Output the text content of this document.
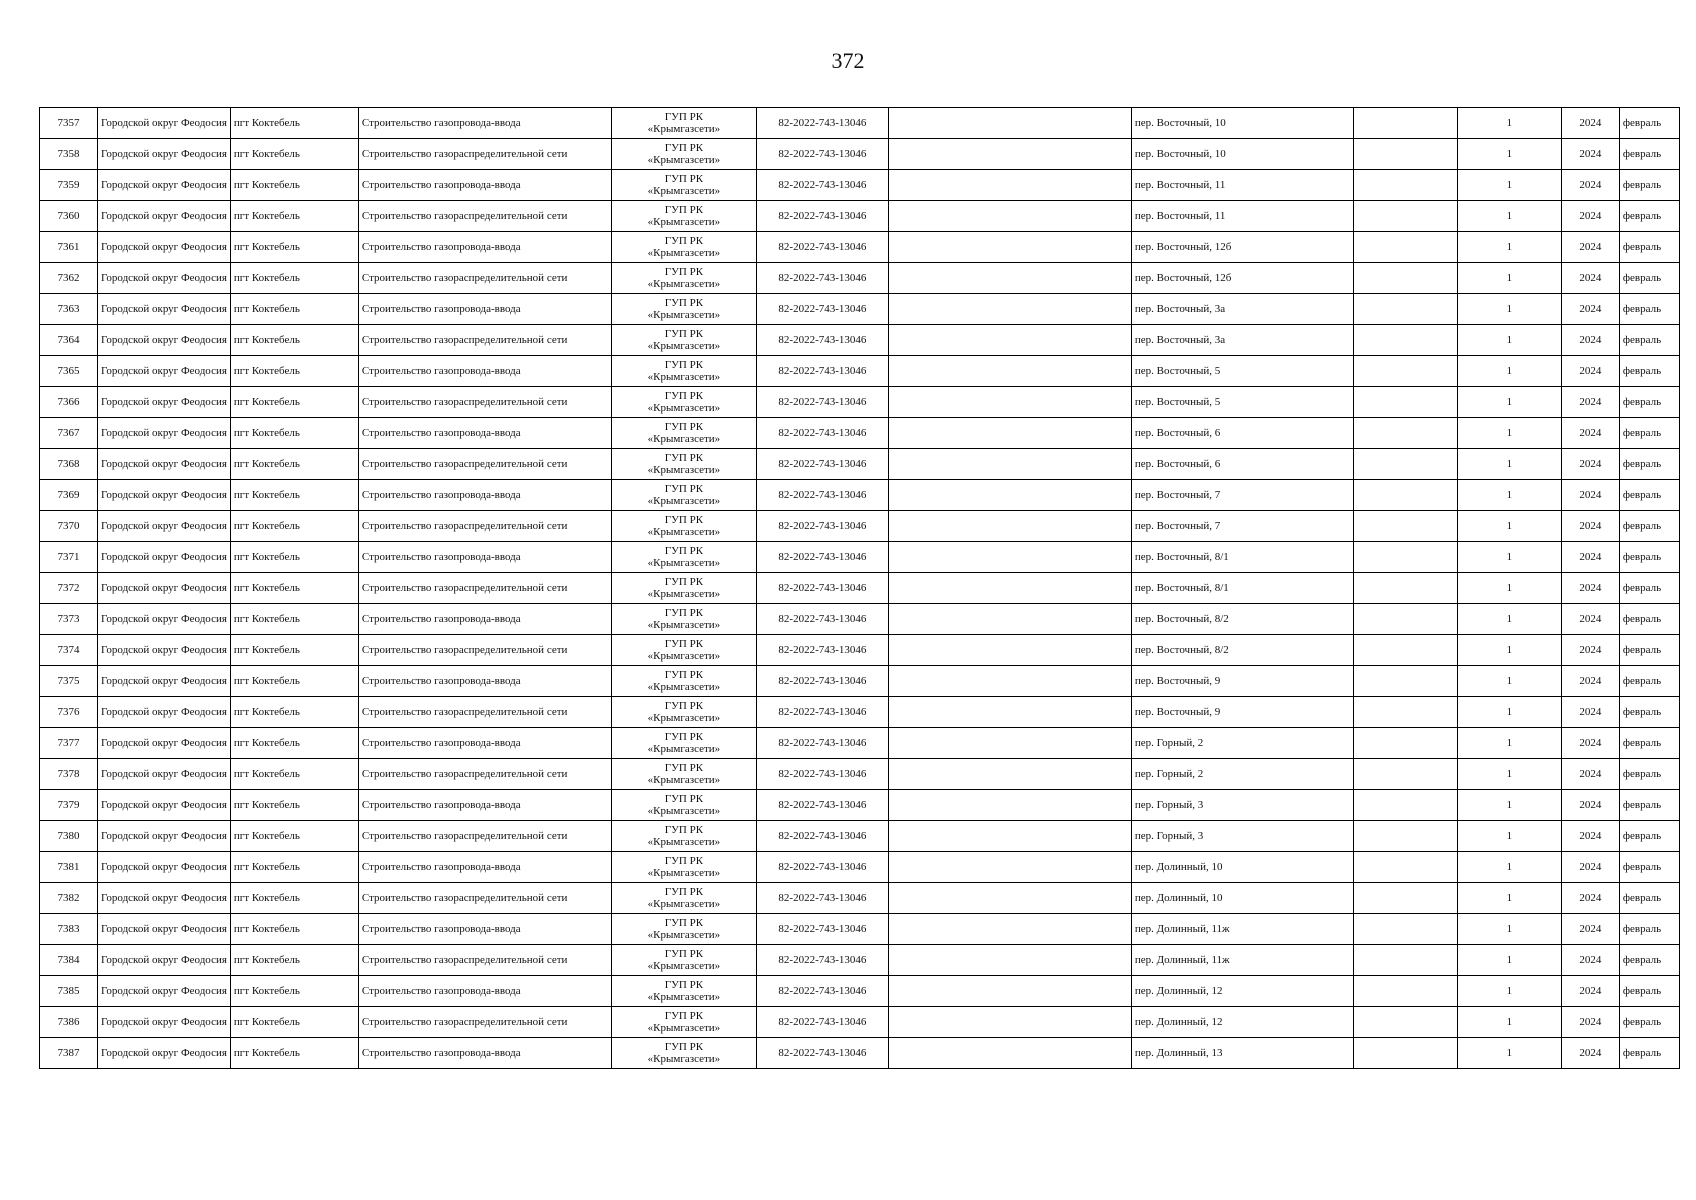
372
7357	Городской округ Феодосия	пгт Коктебель	Строительство газопровода-ввода	ГУП РК
«Крымгазсети»	82-2022-743-13046		пер. Восточный, 10		1	2024	февраль
7358	Городской округ Феодосия	пгт Коктебель	Строительство газораспределительной сети	ГУП РК
«Крымгазсети»	82-2022-743-13046		пер. Восточный, 10		1	2024	февраль
7359	Городской округ Феодосия	пгт Коктебель	Строительство газопровода-ввода	ГУП РК
«Крымгазсети»	82-2022-743-13046		пер. Восточный, 11		1	2024	февраль
7360	Городской округ Феодосия	пгт Коктебель	Строительство газораспределительной сети	ГУП РК
«Крымгазсети»	82-2022-743-13046		пер. Восточный, 11		1	2024	февраль
7361	Городской округ Феодосия	пгт Коктебель	Строительство газопровода-ввода	ГУП РК
«Крымгазсети»	82-2022-743-13046		пер. Восточный, 12б		1	2024	февраль
7362	Городской округ Феодосия	пгт Коктебель	Строительство газораспределительной сети	ГУП РК
«Крымгазсети»	82-2022-743-13046		пер. Восточный, 12б		1	2024	февраль
7363	Городской округ Феодосия	пгт Коктебель	Строительство газопровода-ввода	ГУП РК
«Крымгазсети»	82-2022-743-13046		пер. Восточный, 3а		1	2024	февраль
7364	Городской округ Феодосия	пгт Коктебель	Строительство газораспределительной сети	ГУП РК
«Крымгазсети»	82-2022-743-13046		пер. Восточный, 3а		1	2024	февраль
7365	Городской округ Феодосия	пгт Коктебель	Строительство газопровода-ввода	ГУП РК
«Крымгазсети»	82-2022-743-13046		пер. Восточный, 5		1	2024	февраль
7366	Городской округ Феодосия	пгт Коктебель	Строительство газораспределительной сети	ГУП РК
«Крымгазсети»	82-2022-743-13046		пер. Восточный, 5		1	2024	февраль
7367	Городской округ Феодосия	пгт Коктебель	Строительство газопровода-ввода	ГУП РК
«Крымгазсети»	82-2022-743-13046		пер. Восточный, 6		1	2024	февраль
7368	Городской округ Феодосия	пгт Коктебель	Строительство газораспределительной сети	ГУП РК
«Крымгазсети»	82-2022-743-13046		пер. Восточный, 6		1	2024	февраль
7369	Городской округ Феодосия	пгт Коктебель	Строительство газопровода-ввода	ГУП РК
«Крымгазсети»	82-2022-743-13046		пер. Восточный, 7		1	2024	февраль
7370	Городской округ Феодосия	пгт Коктебель	Строительство газораспределительной сети	ГУП РК
«Крымгазсети»	82-2022-743-13046		пер. Восточный, 7		1	2024	февраль
7371	Городской округ Феодосия	пгт Коктебель	Строительство газопровода-ввода	ГУП РК
«Крымгазсети»	82-2022-743-13046		пер. Восточный, 8/1		1	2024	февраль
7372	Городской округ Феодосия	пгт Коктебель	Строительство газораспределительной сети	ГУП РК
«Крымгазсети»	82-2022-743-13046		пер. Восточный, 8/1		1	2024	февраль
7373	Городской округ Феодосия	пгт Коктебель	Строительство газопровода-ввода	ГУП РК
«Крымгазсети»	82-2022-743-13046		пер. Восточный, 8/2		1	2024	февраль
7374	Городской округ Феодосия	пгт Коктебель	Строительство газораспределительной сети	ГУП РК
«Крымгазсети»	82-2022-743-13046		пер. Восточный, 8/2		1	2024	февраль
7375	Городской округ Феодосия	пгт Коктебель	Строительство газопровода-ввода	ГУП РК
«Крымгазсети»	82-2022-743-13046		пер. Восточный, 9		1	2024	февраль
7376	Городской округ Феодосия	пгт Коктебель	Строительство газораспределительной сети	ГУП РК
«Крымгазсети»	82-2022-743-13046		пер. Восточный, 9		1	2024	февраль
7377	Городской округ Феодосия	пгт Коктебель	Строительство газопровода-ввода	ГУП РК
«Крымгазсети»	82-2022-743-13046		пер. Горный, 2		1	2024	февраль
7378	Городской округ Феодосия	пгт Коктебель	Строительство газораспределительной сети	ГУП РК
«Крымгазсети»	82-2022-743-13046		пер. Горный, 2		1	2024	февраль
7379	Городской округ Феодосия	пгт Коктебель	Строительство газопровода-ввода	ГУП РК
«Крымгазсети»	82-2022-743-13046		пер. Горный, 3		1	2024	февраль
7380	Городской округ Феодосия	пгт Коктебель	Строительство газораспределительной сети	ГУП РК
«Крымгазсети»	82-2022-743-13046		пер. Горный, 3		1	2024	февраль
7381	Городской округ Феодосия	пгт Коктебель	Строительство газопровода-ввода	ГУП РК
«Крымгазсети»	82-2022-743-13046		пер. Долинный, 10		1	2024	февраль
7382	Городской округ Феодосия	пгт Коктебель	Строительство газораспределительной сети	ГУП РК
«Крымгазсети»	82-2022-743-13046		пер. Долинный, 10		1	2024	февраль
7383	Городской округ Феодосия	пгт Коктебель	Строительство газопровода-ввода	ГУП РК
«Крымгазсети»	82-2022-743-13046		пер. Долинный, 11ж		1	2024	февраль
7384	Городской округ Феодосия	пгт Коктебель	Строительство газораспределительной сети	ГУП РК
«Крымгазсети»	82-2022-743-13046		пер. Долинный, 11ж		1	2024	февраль
7385	Городской округ Феодосия	пгт Коктебель	Строительство газопровода-ввода	ГУП РК
«Крымгазсети»	82-2022-743-13046		пер. Долинный, 12		1	2024	февраль
7386	Городской округ Феодосия	пгт Коктебель	Строительство газораспределительной сети	ГУП РК
«Крымгазсети»	82-2022-743-13046		пер. Долинный, 12		1	2024	февраль
7387	Городской округ Феодосия	пгт Коктебель	Строительство газопровода-ввода	ГУП РК
«Крымгазсети»	82-2022-743-13046		пер. Долинный, 13		1	2024	февраль
